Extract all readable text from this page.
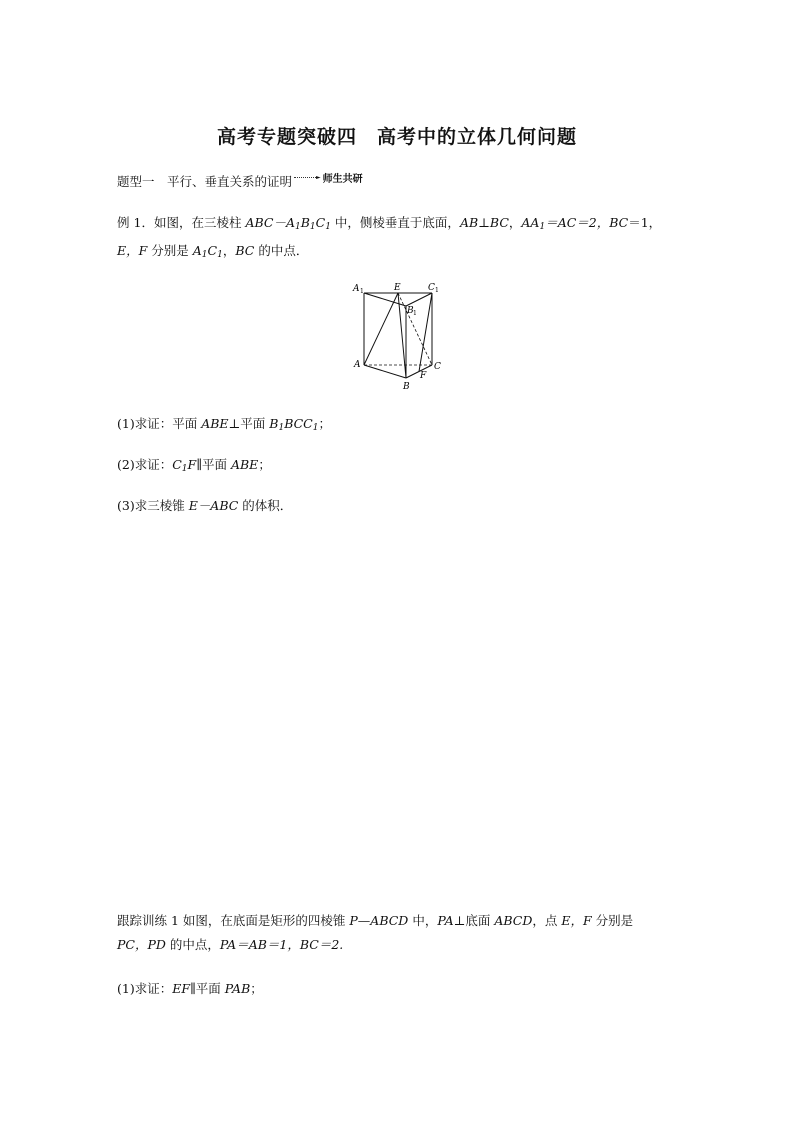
高考专题突破四　高考中的立体几何问题
题型一　平行、垂直关系的证明	► $^{师生共研}$
例 1．如图，在三棱柱 $ABC-A_1B_1C_1$ 中，侧棱垂直于底面，AB⊥BC，$AA_1=AC=2$，BC＝1，
E，F 分别是 $A_1C_1$，BC 的中点．
A 1	E	C 1
B 1
A	C
F
B
(1)求证：平面 ABE⊥平面 $B_1BCC_1$；
(2)求证：$C_1F\parallel$平面 ABE；
(3)求三棱锥 E－ABC 的体积．
跟踪训练 1 如图，在底面是矩形的四棱锥 P—ABCD 中，PA⊥底面 ABCD，点 E，F 分别是
PC，PD 的中点，PA＝AB＝1，BC＝2.
(1)求证：EF∥平面 PAB；
